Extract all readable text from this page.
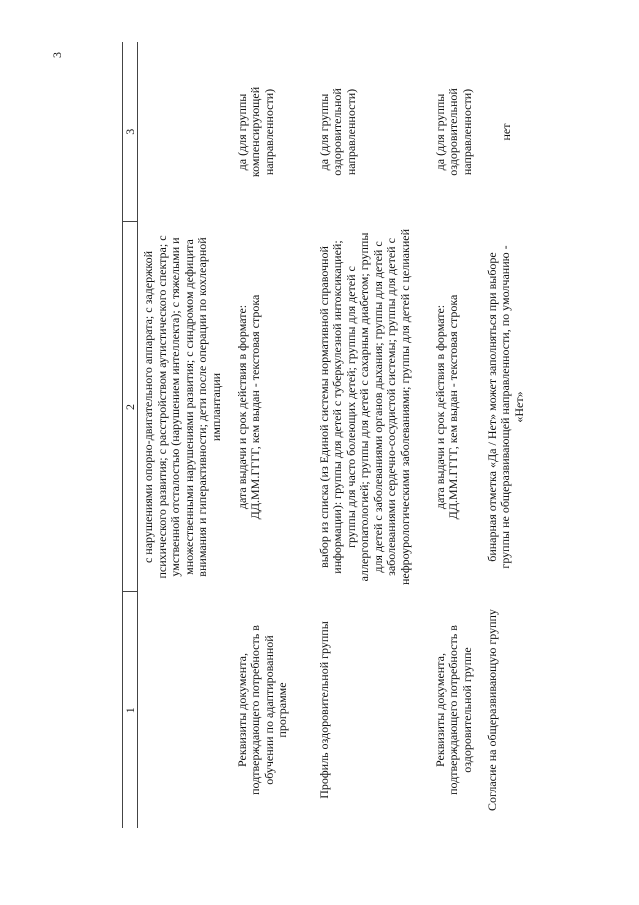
3
1	2	3
	с нарушениями опорно-двигательного аппарата; с задержкой психического развития; с расстройством аутистического спектра; с умственной отсталостью (нарушением интеллекта); с тяжелыми и множественными нарушениями развития; с синдромом дефицита внимания и гиперактивности; дети после операции по кохлеарной имплантации	
Реквизиты документа, подтверждающего потребность в обучении по адаптированной программе	дата выдачи и срок действия в формате: ДД.ММ.ГГГГ, кем выдан - текстовая строка	да (для группы компенсирующей направленности)
Профиль оздоровительной группы	выбор из списка (из Единой системы нормативной справочной информации): группы для детей с туберкулезной интоксикацией; группы для часто болеющих детей; группы для детей с аллергопатологией; группы для детей с сахарным диабетом; группы для детей с заболеваниями органов дыхания; группы для детей с заболеваниями сердечно-сосудистой системы; группы для детей с нефроурологическими заболеваниями; группы для детей с целиакией	да (для группы оздоровительной направленности)
Реквизиты документа, подтверждающего потребность в оздоровительной группе	дата выдачи и срок действия в формате: ДД.ММ.ГГГГ, кем выдан - текстовая строка	да (для группы оздоровительной направленности)
Согласие на общеразвивающую группу	бинарная отметка «Да / Нет» может заполняться при выборе группы не общеразвивающей направленности, по умолчанию - «Нет»	нет
